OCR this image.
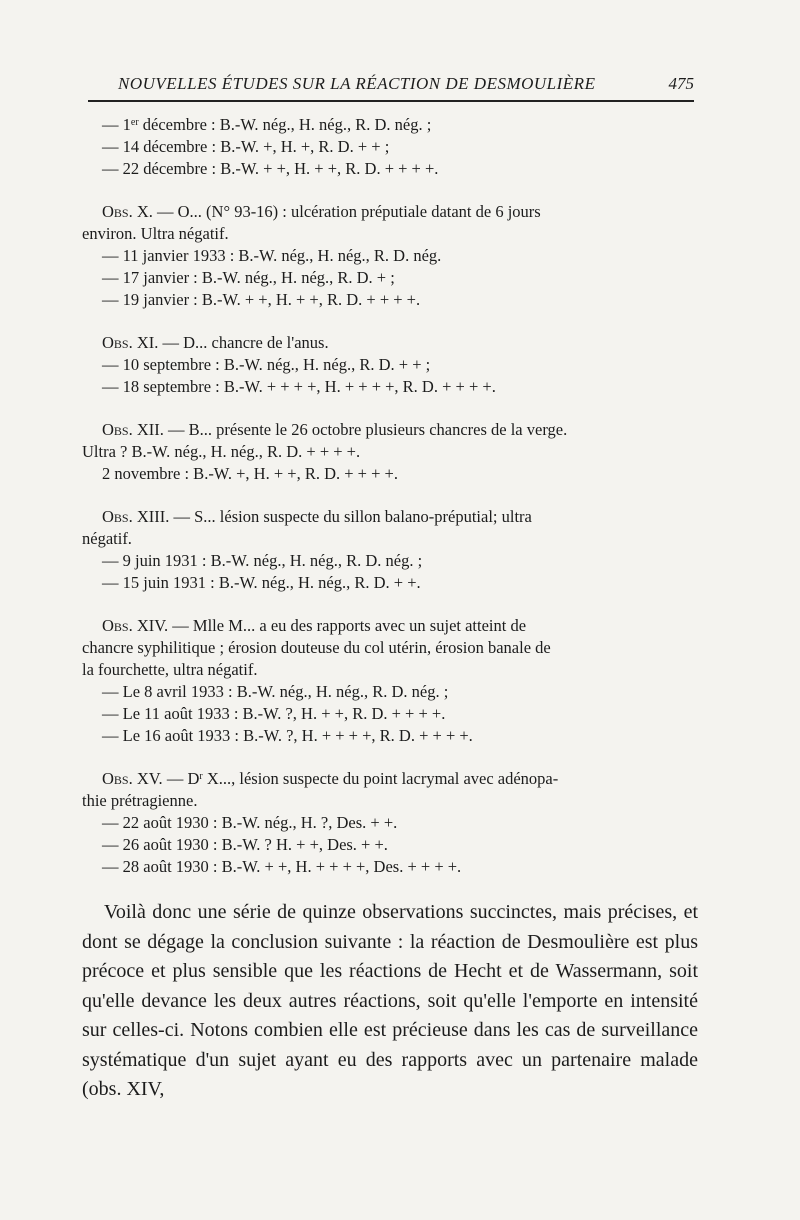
NOUVELLES ÉTUDES SUR LA RÉACTION DE DESMOULIÈRE	475
— 1er décembre : B.-W. nég., H. nég., R. D. nég. ;
— 14 décembre : B.-W. +, H. +, R. D. + + ;
— 22 décembre : B.-W. + +, H. + +, R. D. + + + +.
Obs. X. — O... (N° 93-16) : ulcération préputiale datant de 6 jours
environ. Ultra négatif.
— 11 janvier 1933 : B.-W. nég., H. nég., R. D. nég.
— 17 janvier : B.-W. nég., H. nég., R. D. + ;
— 19 janvier : B.-W. + +, H. + +, R. D. + + + +.
Obs. XI. — D... chancre de l'anus.
— 10 septembre : B.-W. nég., H. nég., R. D. + + ;
— 18 septembre : B.-W. + + + +, H. + + + +, R. D. + + + +.
Obs. XII. — B... présente le 26 octobre plusieurs chancres de la verge.
Ultra ? B.-W. nég., H. nég., R. D. + + + +.
2 novembre : B.-W. +, H. + +, R. D. + + + +.
Obs. XIII. — S... lésion suspecte du sillon balano-préputial; ultra
négatif.
— 9 juin 1931 : B.-W. nég., H. nég., R. D. nég. ;
— 15 juin 1931 : B.-W. nég., H. nég., R. D. + +.
Obs. XIV. — Mlle M... a eu des rapports avec un sujet atteint de
chancre syphilitique ; érosion douteuse du col utérin, érosion banale de
la fourchette, ultra négatif.
— Le 8 avril 1933 : B.-W. nég., H. nég., R. D. nég. ;
— Le 11 août 1933 : B.-W. ?, H. + +, R. D. + + + +.
— Le 16 août 1933 : B.-W. ?, H. + + + +, R. D. + + + +.
Obs. XV. — $D^r$ X..., lésion suspecte du point lacrymal avec adénopa-
thie prétragienne.
— 22 août 1930 : B.-W. nég., H. ?, Des. + +.
— 26 août 1930 : B.-W. ? H. + +, Des. + +.
— 28 août 1930 : B.-W. + +, H. + + + +, Des. + + + +.

Voilà donc une série de quinze observations succinctes, mais précises, et dont se dégage la conclusion suivante : la réaction de Desmoulière est plus précoce et plus sensible que les réactions de Hecht et de Wassermann, soit qu'elle devance les deux autres réactions, soit qu'elle l'emporte en intensité sur celles-ci. Notons combien elle est précieuse dans les cas de surveillance systématique d'un sujet ayant eu des rapports avec un partenaire malade (obs. XIV,
